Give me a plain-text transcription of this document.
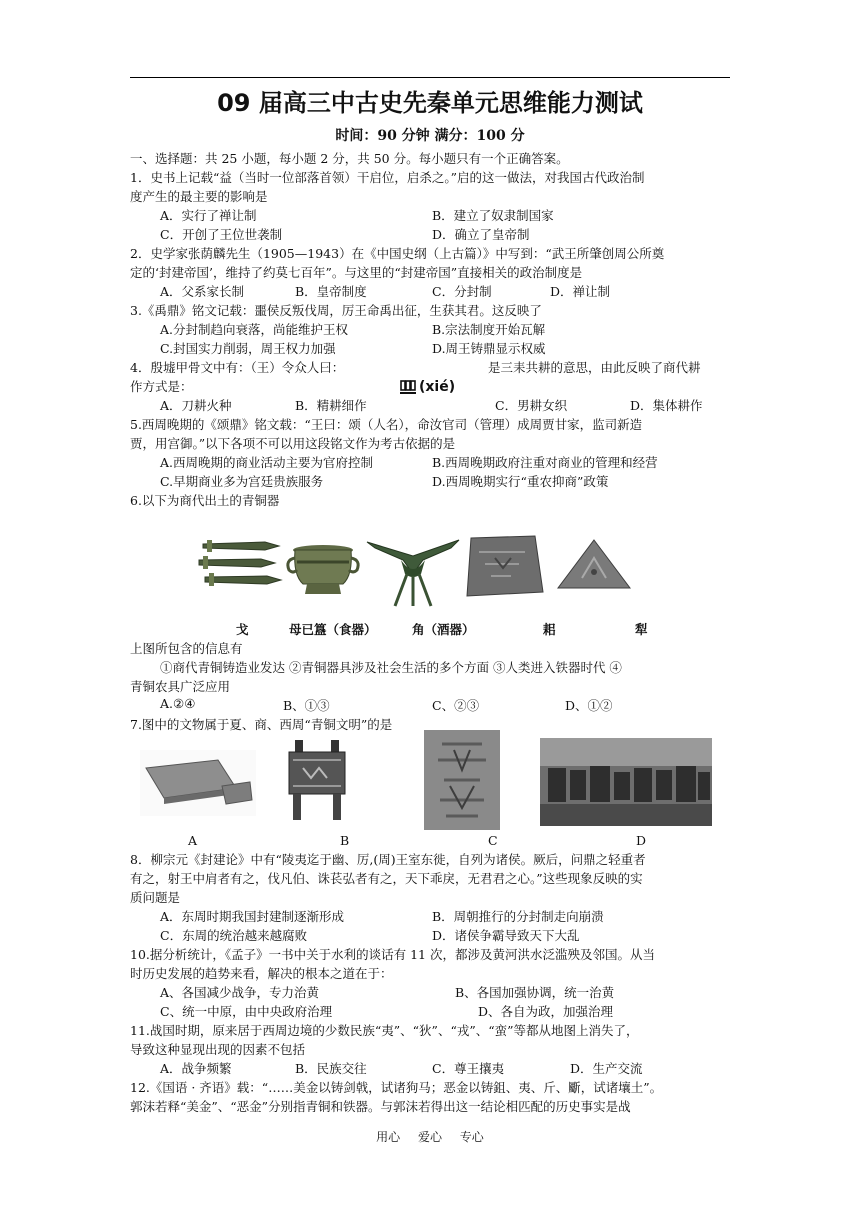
09 届高三中古史先秦单元思维能力测试
时间：90 分钟 满分：100 分
一、选择题：共 25 小题，每小题 2 分，共 50 分。每小题只有一个正确答案。
1．史书上记载“益（当时一位部落首领）干启位，启杀之。”启的这一做法，对我国古代政治制
度产生的最主要的影响是
A．实行了禅让制	B．建立了奴隶制国家
C．开创了王位世袭制	D．确立了皇帝制
2．史学家张荫麟先生（1905—1943）在《中国史纲（上古篇）》中写到：“武王所肇创周公所奠
定的‘封建帝国’，维持了约莫七百年”。与这里的“封建帝国”直接相关的政治制度是
A．父系家长制	B．皇帝制度	C．分封制	D．禅让制
3.《禹鼎》铭文记载：噩侯反叛伐周，厉王命禹出征，生获其君。这反映了
A.分封制趋向衰落，尚能维护王权	B.宗法制度开始瓦解
C.封国实力削弱，周王权力加强	D.周王铸鼎显示权威
4．殷墟甲骨文中有：（王）令众人曰：	是三耒共耕的意思，由此反映了商代耕
(xié)
作方式是：
A．刀耕火种	B．精耕细作	C．男耕女织	D．集体耕作
5.西周晚期的《颂鼎》铭文载：“王曰：颂（人名），命汝官司（管理）成周贾甘家，监司新造
贾，用宫御。”以下各项不可以用这段铭文作为考古依据的是
A.西周晚期的商业活动主要为官府控制	B.西周晚期政府注重对商业的管理和经营
C.早期商业多为宫廷贵族服务	D.西周晚期实行“重农抑商”政策
6.以下为商代出土的青铜器
戈	母已簋（食器）	角（酒器）	耜	犁
上图所包含的信息有
①商代青铜铸造业发达 ②青铜器具涉及社会生活的多个方面 ③人类进入铁器时代 ④
青铜农具广泛应用
A.②④	B、①③	C、②③	D、①②
7.图中的文物属于夏、商、西周“青铜文明”的是
A	B	C	D
8．柳宗元《封建论》中有“陵夷迄于幽、厉,(周)王室东徙，自列为诸侯。厥后，问鼎之轻重者
有之，射王中肩者有之，伐凡伯、诛苌弘者有之，天下乖戾，无君君之心。”这些现象反映的实
质问题是
A．东周时期我国封建制逐渐形成	B．周朝推行的分封制走向崩溃
C．东周的统治越来越腐败	D．诸侯争霸导致天下大乱
10.据分析统计，《孟子》一书中关于水利的谈话有 11 次，都涉及黄河洪水泛滥殃及邻国。从当
时历史发展的趋势来看，解决的根本之道在于：
A、各国减少战争，专力治黄	B、各国加强协调，统一治黄
C、统一中原，由中央政府治理	D、各自为政，加强治理
11.战国时期，原来居于西周边境的少数民族“夷”、“狄”、“戎”、“蛮”等都从地图上消失了，
导致这种显现出现的因素不包括
A．战争频繁	B．民族交往	C．尊王攘夷	D．生产交流
12.《国语 · 齐语》载：“……美金以铸剑戟，试诸狗马；恶金以铸鉏、夷、斤、斸，试诸壤土”。
郭沫若释“美金”、“恶金”分别指青铜和铁器。与郭沫若得出这一结论相匹配的历史事实是战
用心 爱心 专心
